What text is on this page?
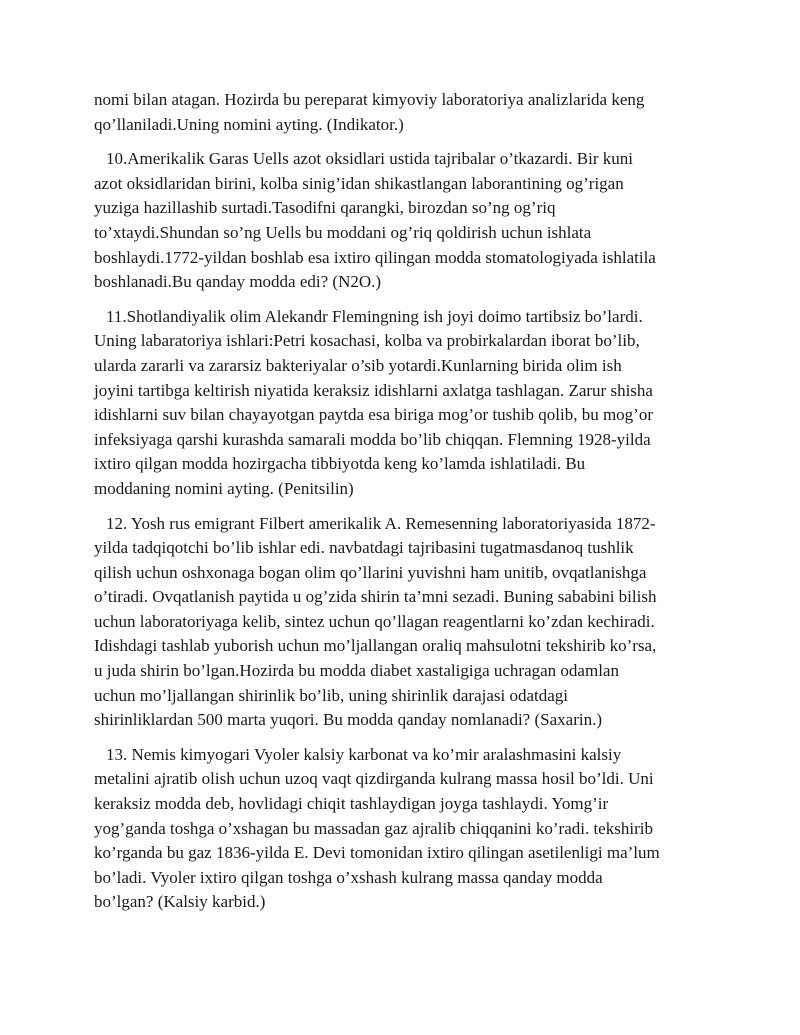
nomi bilan atagan. Hozirda bu pereparat kimyoviy laboratoriya analizlarida keng
qo’llaniladi.Uning nomini ayting. (Indikator.)

10.Amerikalik Garas Uells azot oksidlari ustida tajribalar o’tkazardi. Bir kuni
azot oksidlaridan birini, kolba sinig’idan shikastlangan laborantining og’rigan
yuziga hazillashib surtadi.Tasodifni qarangki, birozdan so’ng og’riq
to’xtaydi.Shundan so’ng Uells bu moddani og’riq qoldirish uchun ishlata
boshlaydi.1772-yildan boshlab esa ixtiro qilingan modda stomatologiyada ishlatila
boshlanadi.Bu qanday modda edi? (N2O.)

11.Shotlandiyalik olim Alekandr Flemingning ish joyi doimo tartibsiz bo’lardi.
Uning labaratoriya ishlari:Petri kosachasi, kolba va probirkalardan iborat bo’lib,
ularda zararli va zararsiz bakteriyalar o’sib yotardi.Kunlarning birida olim ish
joyini tartibga keltirish niyatida keraksiz idishlarni axlatga tashlagan. Zarur shisha
idishlarni suv bilan chayayotgan paytda esa biriga mog’or tushib qolib, bu mog’or
infeksiyaga qarshi kurashda samarali modda bo’lib chiqqan. Flemning 1928-yilda
ixtiro qilgan modda hozirgacha tibbiyotda keng ko’lamda ishlatiladi. Bu
moddaning nomini ayting. (Penitsilin)

12. Yosh rus emigrant Filbert amerikalik A. Remesenning laboratoriyasida 1872-
yilda tadqiqotchi bo’lib ishlar edi. navbatdagi tajribasini tugatmasdanoq tushlik
qilish uchun oshxonaga bogan olim qo’llarini yuvishni ham unitib, ovqatlanishga
o’tiradi. Ovqatlanish paytida u og’zida shirin ta’mni sezadi. Buning sababini bilish
uchun laboratoriyaga kelib, sintez uchun qo’llagan reagentlarni ko’zdan kechiradi.
Idishdagi tashlab yuborish uchun mo’ljallangan oraliq mahsulotni tekshirib ko’rsa,
u juda shirin bo’lgan.Hozirda bu modda diabet xastaligiga uchragan odamlan
uchun mo’ljallangan shirinlik bo’lib, uning shirinlik darajasi odatdagi
shirinliklardan 500 marta yuqori. Bu modda qanday nomlanadi? (Saxarin.)

13. Nemis kimyogari Vyoler kalsiy karbonat va ko’mir aralashmasini kalsiy
metalini ajratib olish uchun uzoq vaqt qizdirganda kulrang massa hosil bo’ldi. Uni
keraksiz modda deb, hovlidagi chiqit tashlaydigan joyga tashlaydi. Yomg’ir
yog’ganda toshga o’xshagan bu massadan gaz ajralib chiqqanini ko’radi. tekshirib
ko’rganda bu gaz 1836-yilda E. Devi tomonidan ixtiro qilingan asetilenligi ma’lum
bo’ladi. Vyoler ixtiro qilgan toshga o’xshash kulrang massa qanday modda
bo’lgan? (Kalsiy karbid.)
